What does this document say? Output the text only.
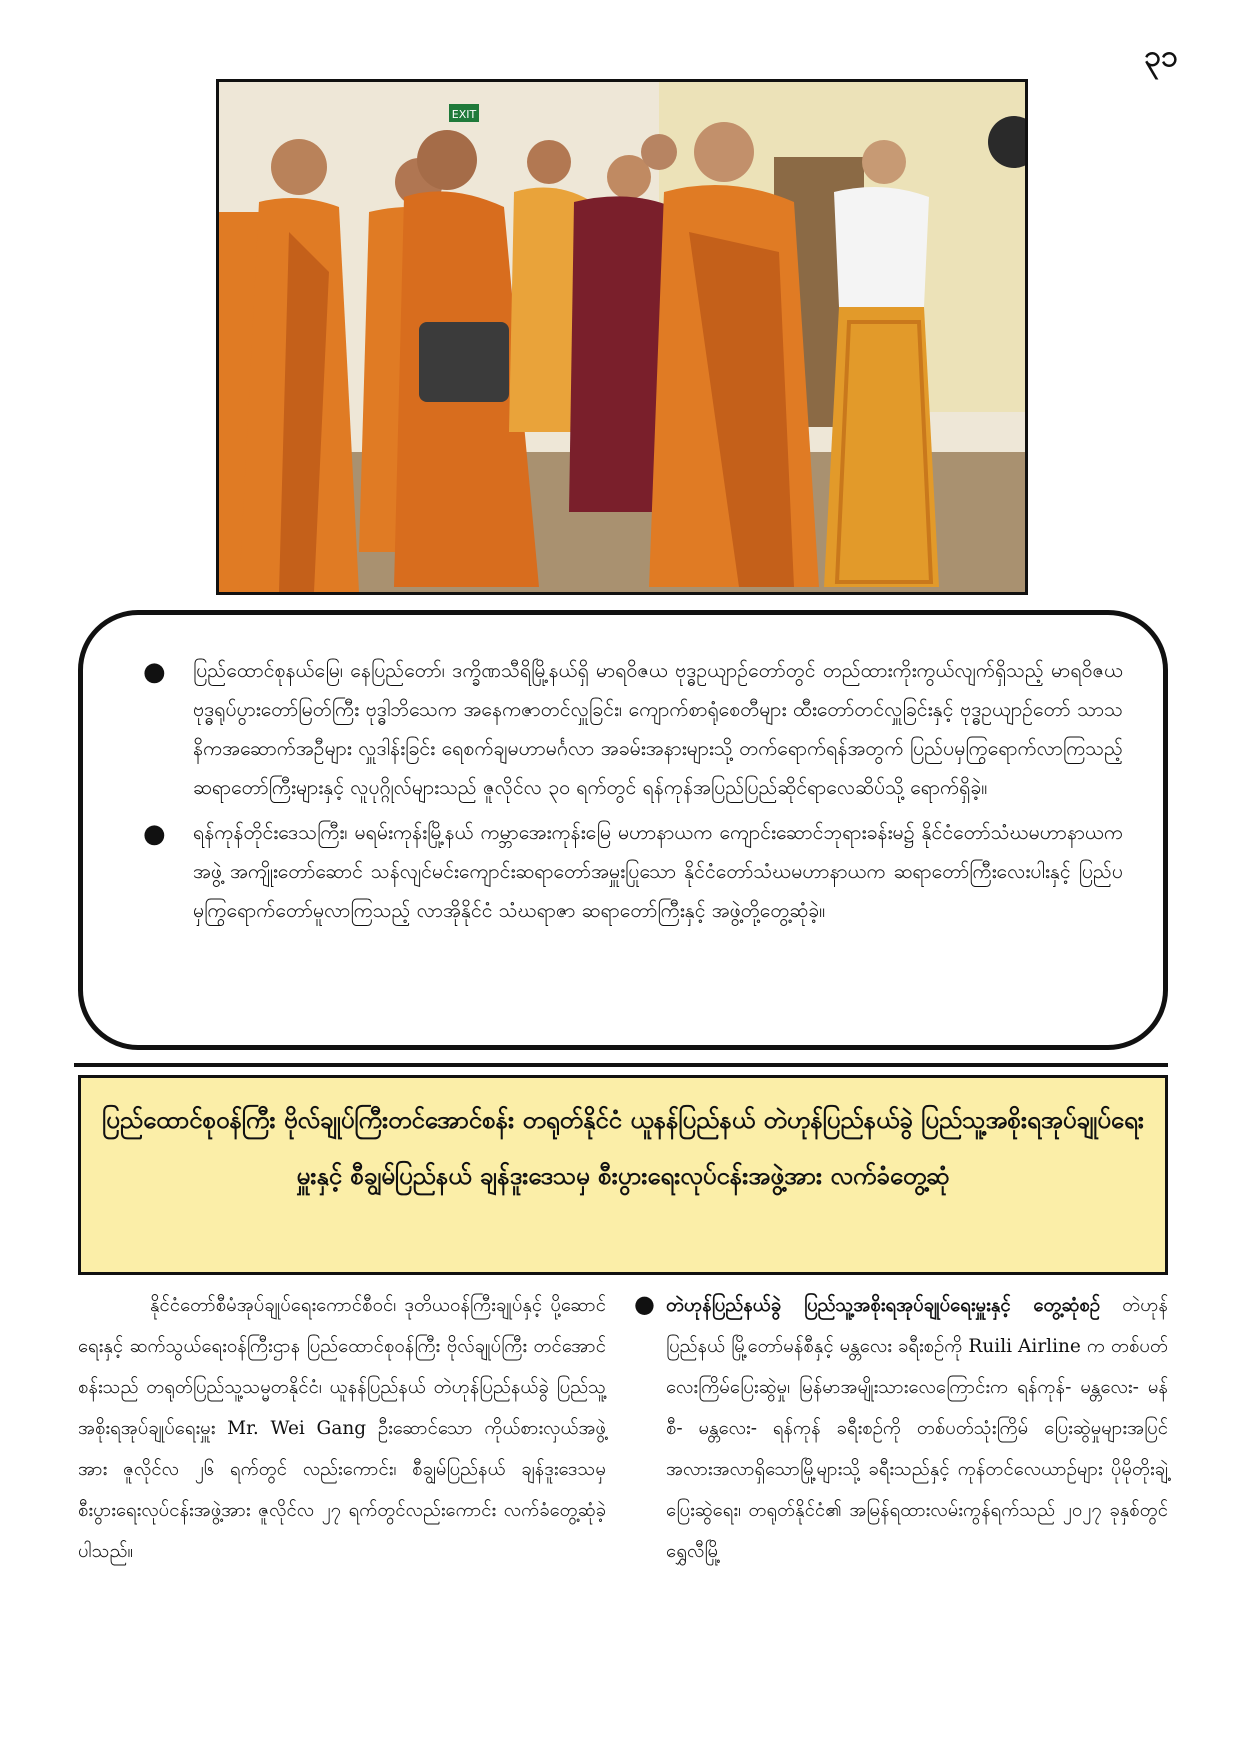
၃၁
EXIT
● ပြည်ထောင်စုနယ်မြေ၊ နေပြည်တော်၊ ဒက္ခိဏသီရိမြို့နယ်ရှိ မာရဝိဇယ ဗုဒ္ဓဥယျာဉ်တော်တွင် တည်ထားကိုးကွယ်လျက်ရှိသည့် မာရဝိဇယ ဗုဒ္ဓရုပ်ပွားတော်မြတ်ကြီး ဗုဒ္ဓါဘိသေက အနေကဇာတင်လှူခြင်း၊ ကျောက်စာရုံစေတီများ ထီးတော်တင်လှူခြင်းနှင့် ဗုဒ္ဓဥယျာဉ်တော် သာသနိကအဆောက်အဦများ လှူဒါန်းခြင်း ရေစက်ချမဟာမင်္ဂလာ အခမ်းအနားများသို့ တက်ရောက်ရန်အတွက် ပြည်ပမှကြွရောက်လာကြသည့် ဆရာတော်ကြီးများနှင့် လူပုဂ္ဂိုလ်များသည် ဇူလိုင်လ ၃၀ ရက်တွင် ရန်ကုန်အပြည်ပြည်ဆိုင်ရာလေဆိပ်သို့ ရောက်ရှိခဲ့။
● ရန်ကုန်တိုင်းဒေသကြီး၊ မရမ်းကုန်းမြို့နယ် ကမ္ဘာအေးကုန်းမြေ မဟာနာယက ကျောင်းဆောင်ဘုရားခန်းမ၌ နိုင်ငံတော်သံဃမဟာနာယကအဖွဲ့ အကျိုးတော်ဆောင် သန်လျင်မင်းကျောင်းဆရာတော်အမှူးပြုသော နိုင်ငံတော်သံဃမဟာနာယက ဆရာတော်ကြီးလေးပါးနှင့် ပြည်ပမှကြွရောက်တော်မူလာကြသည့် လာအိုနိုင်ငံ သံဃရာဇာ ဆရာတော်ကြီးနှင့် အဖွဲ့တို့တွေ့ဆုံခဲ့။
ပြည်ထောင်စုဝန်ကြီး ဗိုလ်ချုပ်ကြီးတင်အောင်စန်း တရုတ်နိုင်ငံ ယူနန်ပြည်နယ် တဲဟုန်ပြည်နယ်ခွဲ ပြည်သူ့အစိုးရအုပ်ချုပ်ရေးမှူးနှင့် စီချွမ်ပြည်နယ် ချန်ဒူးဒေသမှ စီးပွားရေးလုပ်ငန်းအဖွဲ့အား လက်ခံတွေ့ဆုံ

နိုင်ငံတော်စီမံအုပ်ချုပ်ရေးကောင်စီဝင်၊ ဒုတိယဝန်ကြီးချုပ်နှင့် ပို့ဆောင်ရေးနှင့် ဆက်သွယ်ရေးဝန်ကြီးဌာန ပြည်ထောင်စုဝန်ကြီး ဗိုလ်ချုပ်ကြီး တင်အောင်စန်းသည် တရုတ်ပြည်သူ့သမ္မတနိုင်ငံ၊ ယူနန်ပြည်နယ် တဲဟုန်ပြည်နယ်ခွဲ ပြည်သူ့အစိုးရအုပ်ချုပ်ရေးမှူး Mr. Wei Gang ဦးဆောင်သော ကိုယ်စားလှယ်အဖွဲ့အား ဇူလိုင်လ ၂၆ ရက်တွင် လည်းကောင်း၊ စီချွမ်ပြည်နယ် ချန်ဒူးဒေသမှ စီးပွားရေးလုပ်ငန်းအဖွဲ့အား ဇူလိုင်လ ၂၇ ရက်တွင်လည်းကောင်း လက်ခံတွေ့ဆုံခဲ့ပါသည်။

● တဲဟုန်ပြည်နယ်ခွဲ ပြည်သူ့အစိုးရအုပ်ချုပ်ရေးမှူးနှင့် တွေ့ဆုံစဉ် တဲဟုန်ပြည်နယ် မြို့တော်မန်စီနှင့် မန္တလေး ခရီးစဉ်ကို Ruili Airline က တစ်ပတ်လေးကြိမ်ပြေးဆွဲမှု၊ မြန်မာအမျိုးသားလေကြောင်းက ရန်ကုန်- မန္တလေး- မန်စီ- မန္တလေး- ရန်ကုန် ခရီးစဉ်ကို တစ်ပတ်သုံးကြိမ် ပြေးဆွဲမှုများအပြင် အလားအလာရှိသောမြို့များသို့ ခရီးသည်နှင့် ကုန်တင်လေယာဉ်များ ပိုမိုတိုးချဲ့ပြေးဆွဲရေး၊ တရုတ်နိုင်ငံ၏ အမြန်ရထားလမ်းကွန်ရက်သည် ၂၀၂၇ ခုနှစ်တွင် ရွှေလီမြို့
